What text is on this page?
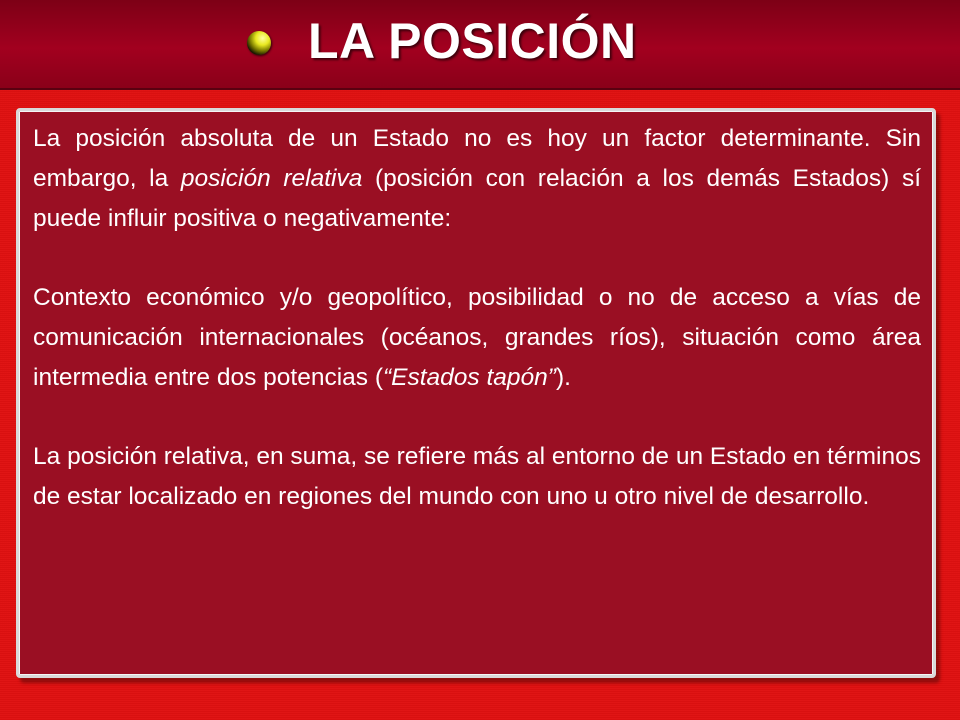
LA POSICIÓN

La posición absoluta de un Estado no es hoy un factor determinante. Sin embargo, la posición relativa (posición con relación a los demás Estados) sí puede influir positiva o negativamente:

Contexto económico y/o geopolítico, posibilidad o no de acceso a vías de comunicación internacionales (océanos, grandes ríos), situación como área intermedia entre dos potencias (“Estados tapón”).

La posición relativa, en suma, se refiere más al entorno de un Estado en términos de estar localizado en regiones del mundo con uno u otro nivel de desarrollo.
